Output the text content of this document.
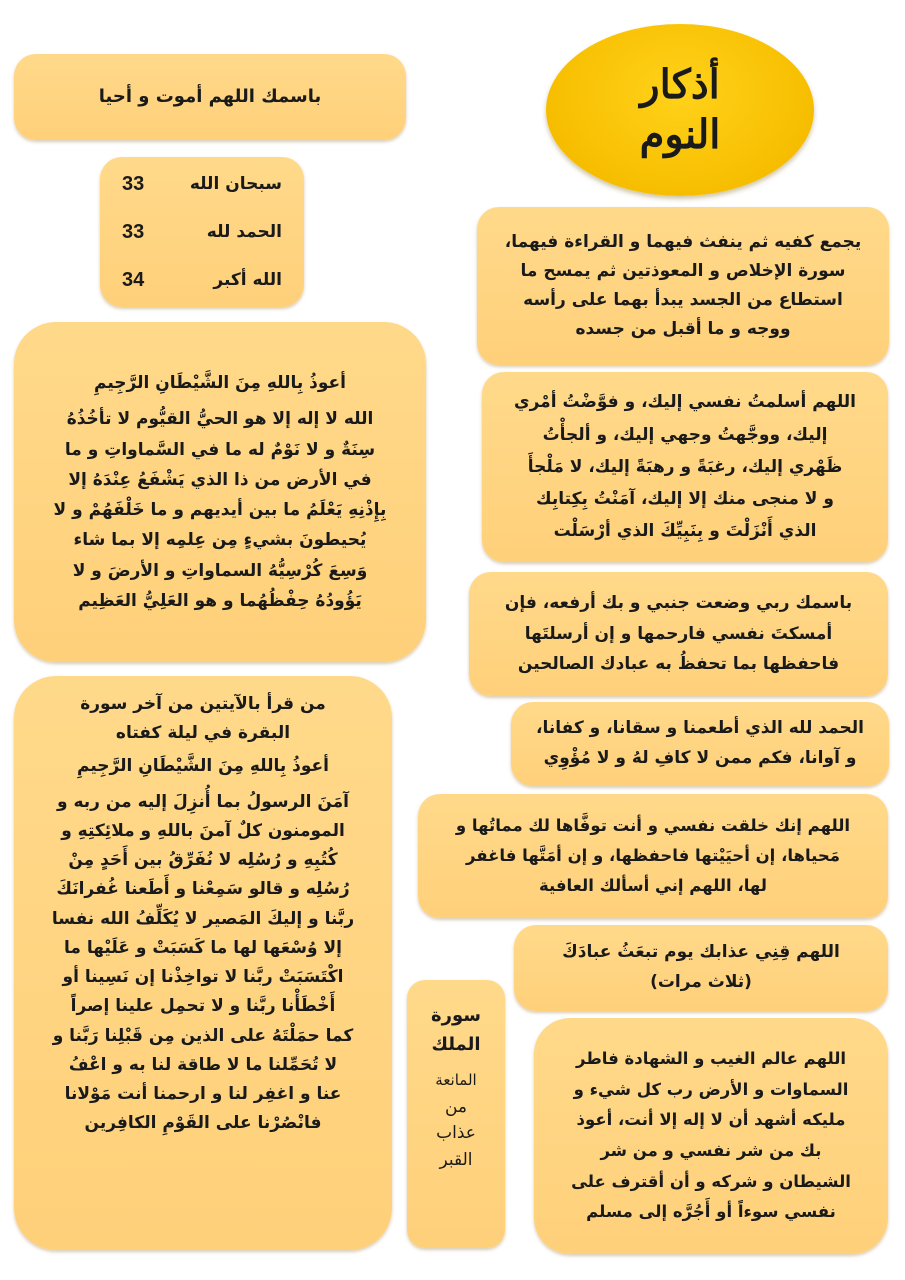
أذكار
النوم

باسمك اللهم أموت و أحيا

سبحان الله
33
الحمد لله
33
الله أكبر
34

أعوذُ بِاللهِ مِنَ الشَّيْطَانِ الرَّجِيمِ

الله لا إله إلا هو الحيُّ القيُّوم لا تأخُذُهُ

سِنَةٌ و لا نَوْمٌ له ما في السَّماواتِ و ما

في الأرض من ذا الذي يَشْفَعُ عِنْدَهُ إلا

بِإِذْنِهِ يَعْلَمُ ما بين أيديهم و ما خَلْفَهُمْ و لا

يُحيطونَ بشيءٍ مِن عِلمِه إلا بما شاء

وَسِعَ كُرْسِيُّهُ السماواتِ و الأرضَ و لا

يَؤُودُهُ حِفْظُهُما و هو العَلِيُّ العَظِيم

من قرأ بالآيتين من آخر سورة

البقرة في ليلة كفتاه

أعوذُ بِاللهِ مِنَ الشَّيْطَانِ الرَّجِيمِ

آمَنَ الرسولُ بما أُنزِلَ إليه من ربه و

المومنون كلٌ آمنَ باللهِ و ملائِكتِهِ و

كُتُبِهِ و رُسُلِه لا نُفَرِّقُ بين أَحَدٍ مِنْ

رُسُلِه و قالو سَمِعْنا و أَطَعنا غُفرانَكَ

ربَّنا و إليكَ المَصير لا يُكَلِّفُ الله نفسا

إلا وُسْعَها لها ما كَسَبَتْ و عَلَيْها ما

اكْتَسَبَتْ ربَّنا لا تواخِذْنا إن نَسِينا أو

أَخْطَأْنا ربَّنا و لا تحمِل علينا إصراً

كما حمَلْتَهُ على الذين مِن قَبْلِنا رَبَّنا و

لا تُحَمِّلنا ما لا طاقة لنا به و اعْفُ

عنا و اغفِر لنا و ارحمنا أنت مَوْلانا

فانْصُرْنا على القَوْمِ الكافِرين

سورة

الملك

المانعة

من

عذاب

القبر

يجمع كفيه ثم ينفث فيهما و القراءة فيهما،

سورة الإخلاص و المعوذتين ثم يمسح ما

استطاع من الجسد يبدأ بهما على رأسه

ووجه و ما أقبل من جسده

اللهم أسلمتُ نفسي إليك، و فوَّضْتُ أمْري

إليك، ووجَّهتُ وجهي إليك، و ألجأْتُ

ظَهْري إليك، رغبَةً و رهبَةً إليك، لا مَلْجأَ

و لا منجى منك إلا إليك، آمَنْتُ بِكِتابِك

الذي أَنْزَلْتَ و بِنَبِيِّكَ الذي أرْسَلْت

باسمك ربي وضعت جنبي و بك أرفعه، فإن

أمسكتَ نفسي فارحمها و إن أرسلتَها

فاحفظها بما تحفظُ به عبادك الصالحين

الحمد لله الذي أطعمنا و سقانا، و كفانا،

و آوانا، فكم ممن لا كافِ لهُ و لا مُؤْوِي

اللهم إنك خلقت نفسي و أنت توفَّاها لك مماتُها و

مَحياها، إن أحيَيْتها فاحفظها، و إن أمَتَّها فاغفر

لها، اللهم إني أسألك العافية

اللهم قِنِي عذابك يوم تبعَثُ عبادَكَ

(ثلاث مرات)

اللهم عالم الغيب و الشهادة فاطر

السماوات و الأرض رب كل شيء و

مليكه أشهد أن لا إله إلا أنت، أعوذ

بك من شر نفسي و من شر

الشيطان و شركه و أن أقترف على

نفسي سوءاً أو أَجُرَّه إلى مسلم
